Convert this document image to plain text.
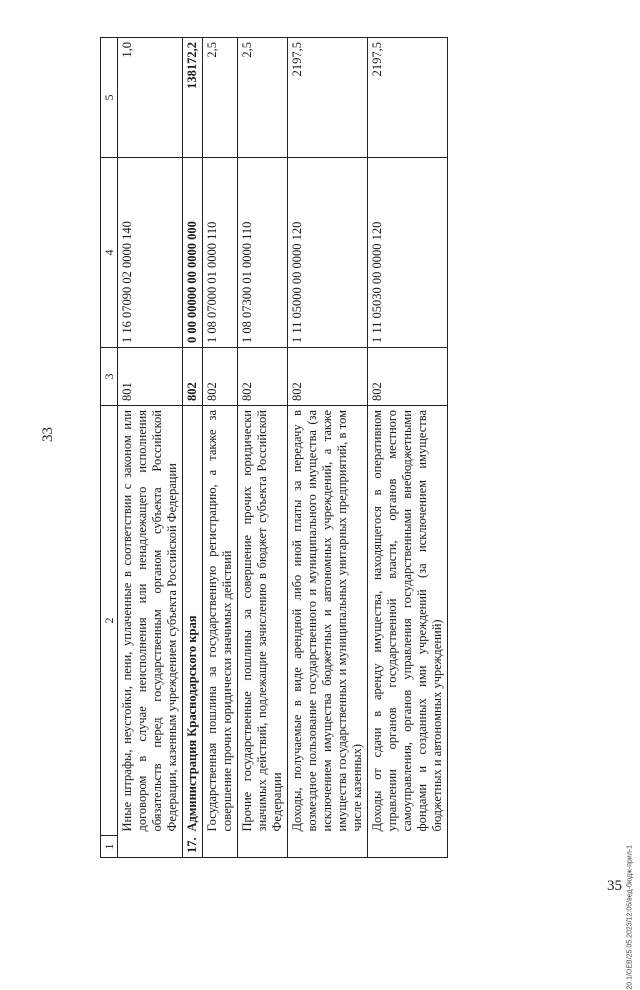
33
1	2	3	4	5
	Иные штрафы, неустойки, пени, уплаченные в соответствии с законом или договором в случае неисполнения или ненадлежащего исполнения обязательств перед государственным органом субъекта Российской Федерации, казенным учреждением субъекта Российской Федерации	801	1 16 07090 02 0000 140	1,0
17.	Администрация Краснодарского края	802	0 00 00000 00 0000 000	138172,2
	Государственная пошлина за государственную регистрацию, а также за совершение прочих юридически значимых действий	802	1 08 07000 01 0000 110	2,5
	Прочие государственные пошлины за совершение прочих юридически значимых действий, подлежащие зачислению в бюджет субъекта Российской Федерации	802	1 08 07300 01 0000 110	2,5
	Доходы, получаемые в виде арендной либо иной платы за передачу в возмездное пользование государственного и муниципального имущества (за исключением имущества бюджетных и автономных учреждений, а также имущества государственных и муниципальных унитарных предприятий, в том числе казенных)	802	1 11 05000 00 0000 120	2197,5
	Доходы от сдачи в аренду имущества, находящегося в оперативном управлении органов государственной власти, органов местного самоуправления, органов управления государственными внебюджетными фондами и созданных ими учреждений (за исключением имущества бюджетных и автономных учреждений)	802	1 11 05030 00 0000 120	2197,5
20.1/ОЕВ/25.05.2023/12:05/вед-бюдж-прил-1
35
